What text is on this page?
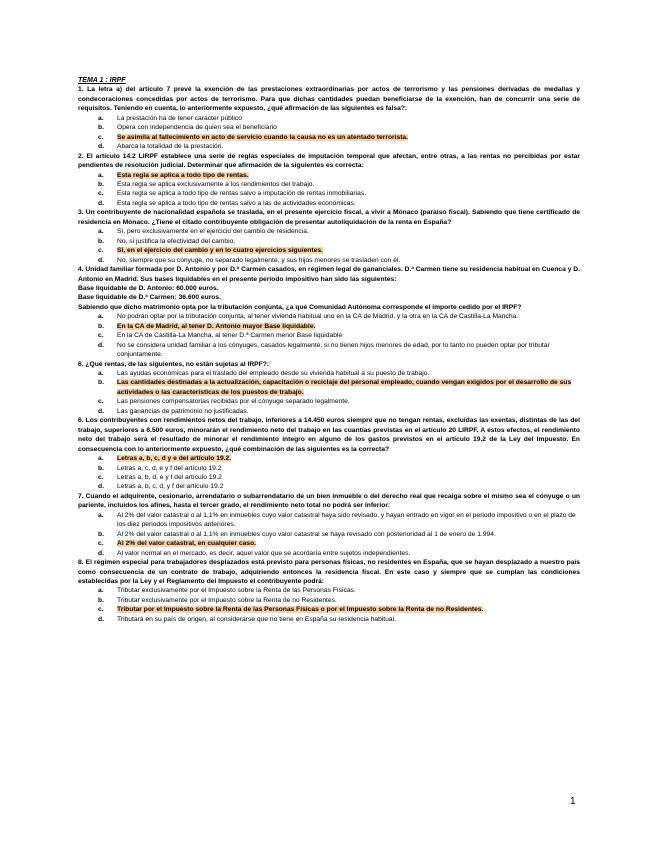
TEMA 1 : IRPF
1. La letra a) del artículo 7 prevé la exención de las prestaciones extraordinarias por actos de terrorismo y las pensiones derivadas de medallas y condecoraciones concedidas por actos de terrorismo. Para que dichas cantidades puedan beneficiarse de la exención, han de concurrir una serie de requisitos. Teniendo en cuenta, lo anteriormente expuesto, ¿qué afirmación de las siguientes es falsa?:
a.	La prestación ha de tener carácter público
b.	Opera con independencia de quien sea el beneficiario
c.	Se asimila al fallecimiento en acto de servicio cuando la causa no es un atentado terrorista.
d.	Abarca la totalidad de la prestación.
2. El artículo 14.2 LIRPF establece una serie de reglas especiales de imputación temporal que afectan, entre otras, a las rentas no percibidas por estar pendientes de resolución judicial. Determinar qué afirmación de la siguientes es correcta:
a.	Esta regla se aplica a todo tipo de rentas.
b.	Esta regla se aplica exclusivamente a los rendimientos del trabajo.
c.	Esta regla se aplica a todo tipo de rentas salvo a imputación de rentas inmobiliarias.
d.	Esta regla se aplica a todo tipo de rentas salvo a las de actividades económicas.
3. Un contribuyente de nacionalidad española se traslada, en el presente ejercicio fiscal, a vivir a Mónaco (paraíso fiscal). Sabiendo que tiene certificado de residencia en Mónaco. ¿Tiene el citado contribuyente obligación de presentar autoliquidación de la renta en España?
a.	Sí, pero exclusivamente en el ejercicio del cambio de residencia.
b.	No, si justifica la efectividad del cambio.
c.	Sí, en el ejercicio del cambio y en lo cuatro ejercicios siguientes.
d.	No, siempre que su cónyuge, no separado legalmente, y sus hijos menores se trasladen con él.
4. Unidad familiar formada por D. Antonio y por D.ª Carmen casados, en régimen legal de gananciales. D.ª Carmen tiene su residencia habitual en Cuenca y D. Antonio en Madrid. Sus bases liquidables en el presente periodo impositivo han sido las siguientes:
Base liquidable de D. Antonio: 60.000 euros.
Base liquidable de D.ª Carmen: 36.600 euros.
Sabiendo que dicho matrimonio opta por la tributación conjunta, ¿a qué Comunidad Autónoma corresponde el importe cedido por el IRPF?
a.	No podrán optar por la tributación conjunta, al tener vivienda habitual uno en la CA de Madrid, y la otra en la CA de Castilla-La Mancha.
b.	En la CA de Madrid, al tener D. Antonio mayor Base liquidable.
c.	En la CA de Castilla-La Mancha, al tener D.ª Carmen menor Base liquidable
d.	No se considera unidad familiar a los cónyuges, casados legalmente, si no tienen hijos menores de edad, por lo tanto no pueden optar por tributar conjuntamente.
6. ¿Qué rentas, de las siguientes, no están sujetas al IRPF?:
a.	Las ayudas económicas para el traslado del empleado desde su vivienda habitual a su puesto de trabajo.
b.	Las cantidades destinadas a la actualización, capacitación o reciclaje del personal empleado, cuando vengan exigidos por el desarrollo de sus actividades o las características de los puestos de trabajo.
c.	Las pensiones compensatorias recibidas por el cónyuge separado legalmente.
d.	Las ganancias de patrimonio no justificadas.
6. Los contribuyentes con rendimientos netos del trabajo, inferiores a 14.450 euros siempre que no tengan rentas, excluidas las exentas, distintas de las del trabajo, superiores a 6.500 euros, minorarán el rendimiento neto del trabajo en las cuantías previstas en el artículo 20 LIRPF. A estos efectos, el rendimiento neto del trabajo será el resultado de minorar el rendimiento íntegro en alguno de los gastos previstos en el artículo 19.2 de la Ley del Impuesto. En consecuencia con lo anteriormente expuesto, ¿qué combinación de las siguientes es la correcta?
a.	Letras a, b, c, d y e del artículo 19.2.
b.	Letras a, c, d, e y f del artículo 19.2
c.	Letras a, b, d, e y f del artículo 19.2
d.	Letras a, b, c, d, y f del artículo 19.2
7. Cuando el adquirente, cesionario, arrendatario o subarrendatario de un bien inmueble o del derecho real que recaiga sobre el mismo sea el cónyuge o un pariente, incluidos los afines, hasta el tercer grado, el rendimiento neto total no podrá ser inferior:
a.	Al 2% del valor catastral o al 1,1% en inmuebles cuyo valor catastral haya sido revisado, y hayan entrado en vigor en el periodo impositivo o en el plazo de los diez periodos impositivos anteriores.
b.	Al 2% del valor catastral o al 1,1% en inmuebles cuyo valor catastral se haya revisado con posterioridad al 1 de enero de 1.994.
c.	Al 2% del valor catastral, en cualquier caso.
d.	Al valor normal en el mercado, es decir, aquel valor que se acordaría entre sujetos independientes.
8. El régimen especial para trabajadores desplazados está previsto para personas físicas, no residentes en España, que se hayan desplazado a nuestro país como consecuencia de un contrato de trabajo, adquiriendo entonces la residencia fiscal. En este caso y siempre que se cumplan las condiciones establecidas por la Ley y el Reglamento del Impuesto el contribuyente podrá:
a.	Tributar exclusivamente por el Impuesto sobre la Renta de las Personas Físicas.
b.	Tributar exclusivamente por el Impuesto sobre la Renta de no Residentes.
c.	Tributar por el Impuesto sobre la Renta de las Personas Físicas o por el Impuesto sobre la Renta de no Residentes.
d.	Tributará en su país de origen, al considerarse que no tiene en España su residencia habitual.
1
